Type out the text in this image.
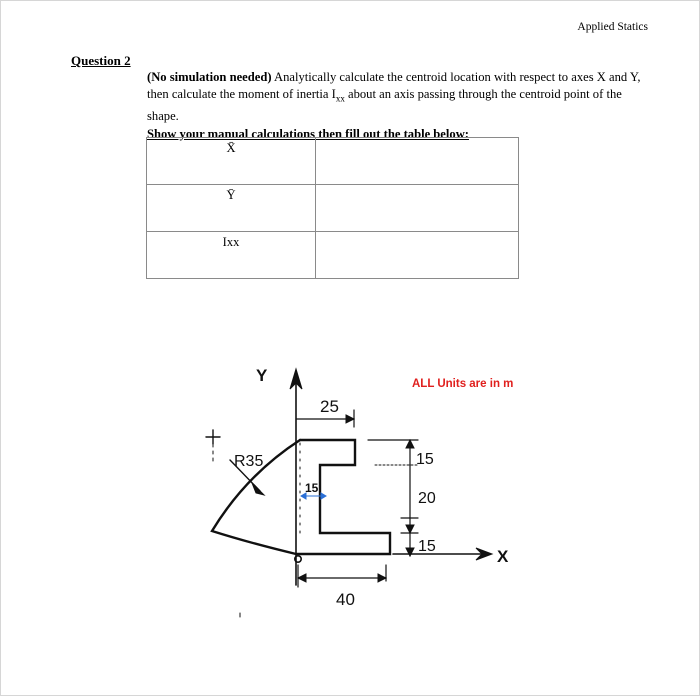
Applied Statics
Question 2
(No simulation needed) Analytically calculate the centroid location with respect to axes X and Y, then calculate the moment of inertia $I_{xx}$ about an axis passing through the centroid point of the shape.
Show your manual calculations then fill out the table below:
X̄	
Ȳ	
Ixx	
Y
X
ALL Units are in m
25
R35
15
15
20
15
40
